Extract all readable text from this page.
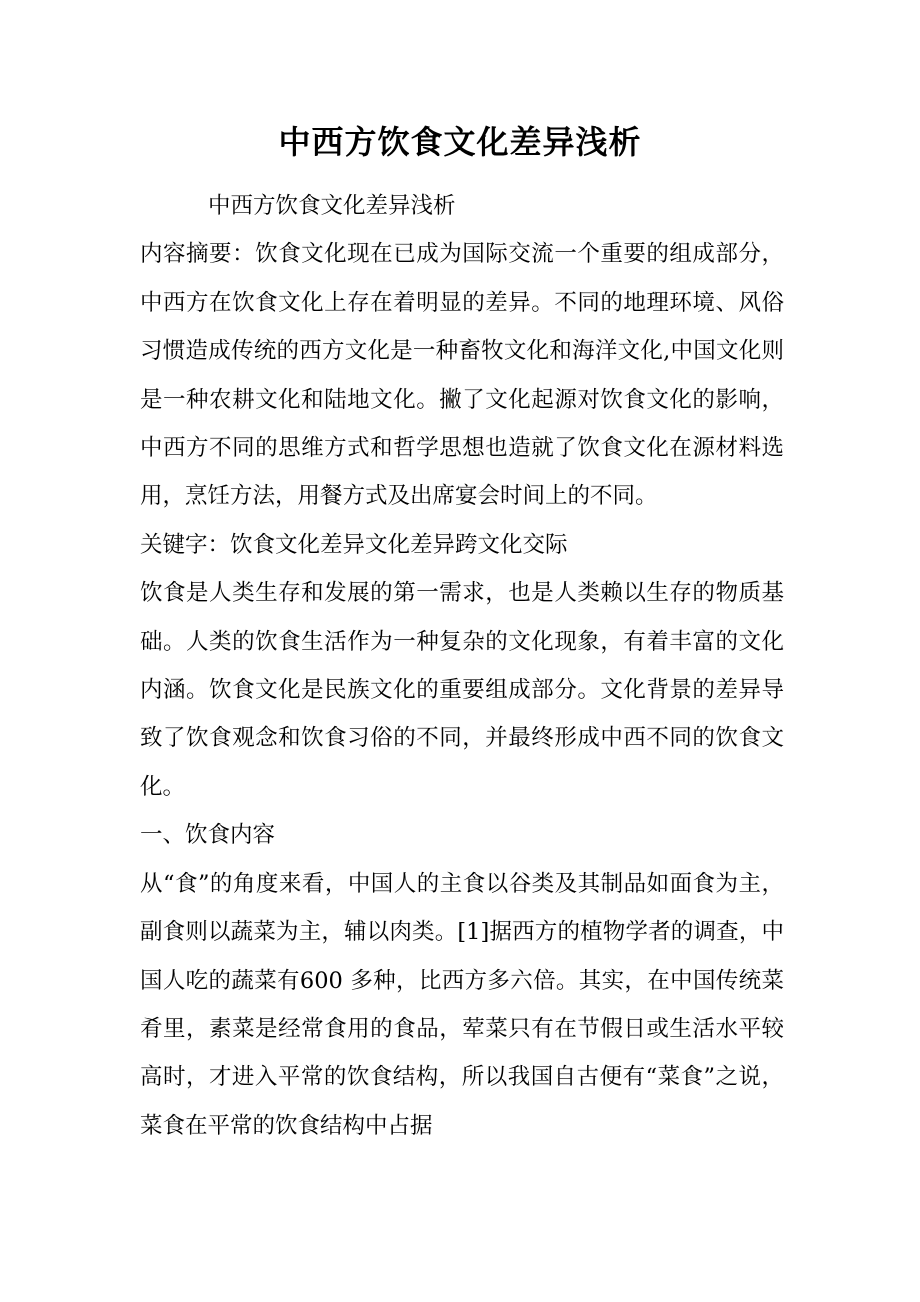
中西方饮食文化差异浅析

中西方饮食文化差异浅析

内容摘要：饮食文化现在已成为国际交流一个重要的组成部分，中西方在饮食文化上存在着明显的差异。不同的地理环境、风俗习惯造成传统的西方文化是一种畜牧文化和海洋文化,中国文化则是一种农耕文化和陆地文化。撇了文化起源对饮食文化的影响，中西方不同的思维方式和哲学思想也造就了饮食文化在源材料选用，烹饪方法，用餐方式及出席宴会时间上的不同。

关键字：饮食文化差异文化差异跨文化交际

饮食是人类生存和发展的第一需求，也是人类赖以生存的物质基础。人类的饮食生活作为一种复杂的文化现象，有着丰富的文化内涵。饮食文化是民族文化的重要组成部分。文化背景的差异导致了饮食观念和饮食习俗的不同，并最终形成中西不同的饮食文化。

一、饮食内容

从“食”的角度来看，中国人的主食以谷类及其制品如面食为主，副食则以蔬菜为主，辅以肉类。[1]据西方的植物学者的调查，中国人吃的蔬菜有600 多种，比西方多六倍。其实，在中国传统菜肴里，素菜是经常食用的食品，荤菜只有在节假日或生活水平较高时，才进入平常的饮食结构，所以我国自古便有“菜食”之说，菜食在平常的饮食结构中占据
